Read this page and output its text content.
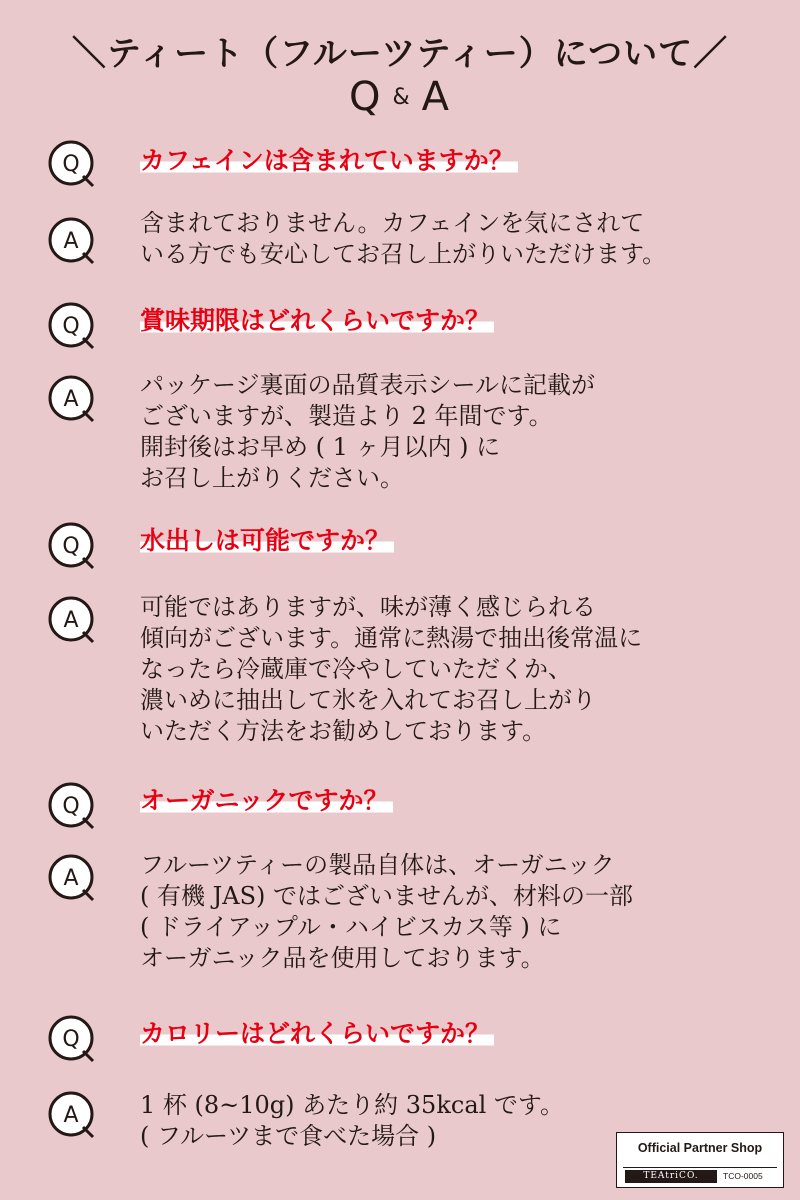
＼ティート（フルーツティー）について／
Q & A
Q カフェインは含まれていますか？
A
含まれておりません。カフェインを気にされて
いる方でも安心してお召し上がりいただけます。
Q 賞味期限はどれくらいですか？
A
パッケージ裏面の品質表示シールに記載が
ございますが、製造より 2 年間です。
開封後はお早め ( 1 ヶ月以内 ) に
お召し上がりください。
Q 水出しは可能ですか？
A	可能ではありますが、味が薄く感じられる
傾向がございます。通常に熱湯で抽出後常温に
なったら冷蔵庫で冷やしていただくか、
濃いめに抽出して氷を入れてお召し上がり
いただく方法をお勧めしております。
Q オーガニックですか？
A	フルーツティーの製品自体は、オーガニック
( 有機 JAS) ではございませんが、材料の一部
( ドライアップル・ハイビスカス等 ) に
オーガニック品を使用しております。
Q カロリーはどれくらいですか？
A	1 杯 (8~10g) あたり約 35kcal です。
( フルーツまで食べた場合 )	Official Partner Shop
TEAtriCO.	TCO-0005
